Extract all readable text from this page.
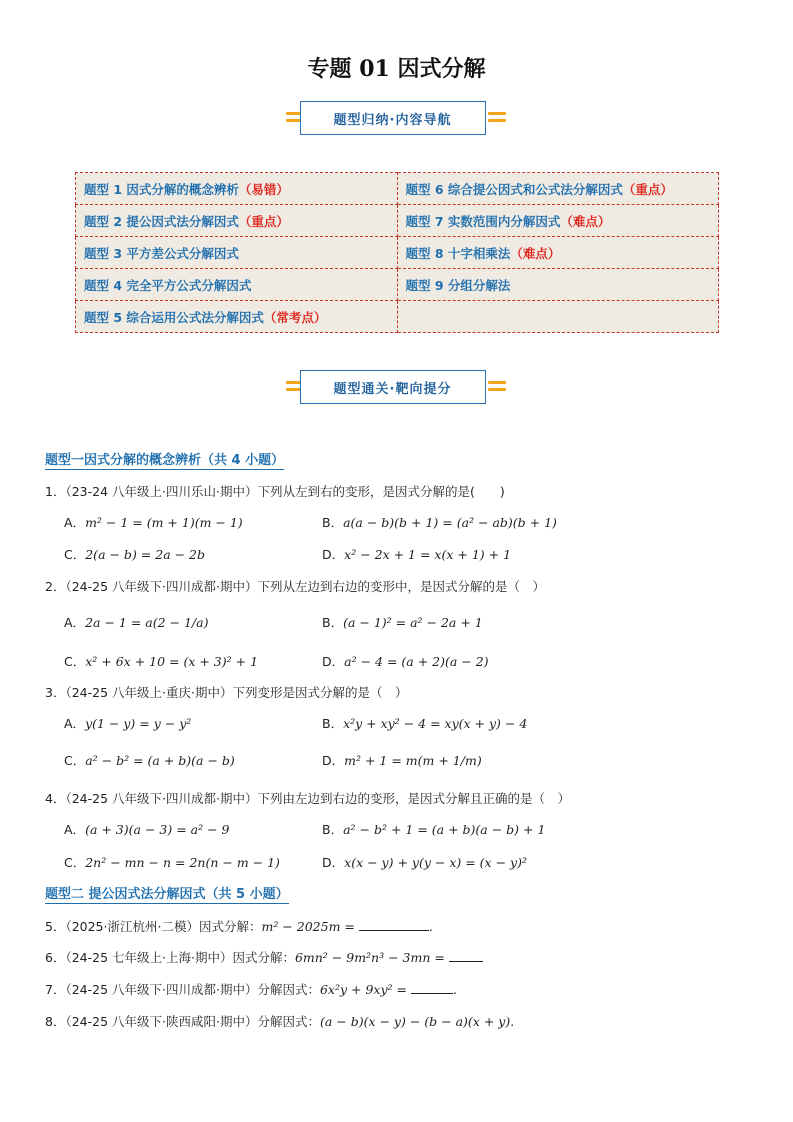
专题 01 因式分解
题型归纳·内容导航
题型 1 因式分解的概念辨析（易错）	题型 6 综合提公因式和公式法分解因式（重点）
题型 2 提公因式法分解因式（重点）	题型 7 实数范围内分解因式（难点）
题型 3 平方差公式分解因式	题型 8 十字相乘法（难点）
题型 4 完全平方公式分解因式	题型 9 分组分解法
题型 5 综合运用公式法分解因式（常考点）	
题型通关·靶向提分
题型一因式分解的概念辨析（共 4 小题）
1．（23-24 八年级上·四川乐山·期中）下列从左到右的变形，是因式分解的是(　　)
A．m² − 1 = (m + 1)(m − 1)	B．a(a − b)(b + 1) = (a² − ab)(b + 1)
C．2(a − b) = 2a − 2b	D．x² − 2x + 1 = x(x + 1) + 1
2．（24-25 八年级下·四川成都·期中）下列从左边到右边的变形中，是因式分解的是（　）
A．2a − 1 = a(2 − 1/a)	B．(a − 1)² = a² − 2a + 1
C．x² + 6x + 10 = (x + 3)² + 1	D．a² − 4 = (a + 2)(a − 2)
3．（24-25 八年级上·重庆·期中）下列变形是因式分解的是（　）
A．y(1 − y) = y − y²	B．x²y + xy² − 4 = xy(x + y) − 4
C．a² − b² = (a + b)(a − b)	D．m² + 1 = m(m + 1/m)
4．（24-25 八年级下·四川成都·期中）下列由左边到右边的变形，是因式分解且正确的是（　）
A．(a + 3)(a − 3) = a² − 9	B．a² − b² + 1 = (a + b)(a − b) + 1
C．2n² − mn − n = 2n(n − m − 1)	D．x(x − y) + y(y − x) = (x − y)²
题型二 提公因式法分解因式（共 5 小题）
5．（2025·浙江杭州·二模）因式分解：m² − 2025m =	.
6．（24-25 七年级上·上海·期中）因式分解：6mn² − 9m²n³ − 3mn =
7．（24-25 八年级下·四川成都·期中）分解因式：6x²y + 9xy² =	.
8．（24-25 八年级下·陕西咸阳·期中）分解因式：(a − b)(x − y) − (b − a)(x + y).
